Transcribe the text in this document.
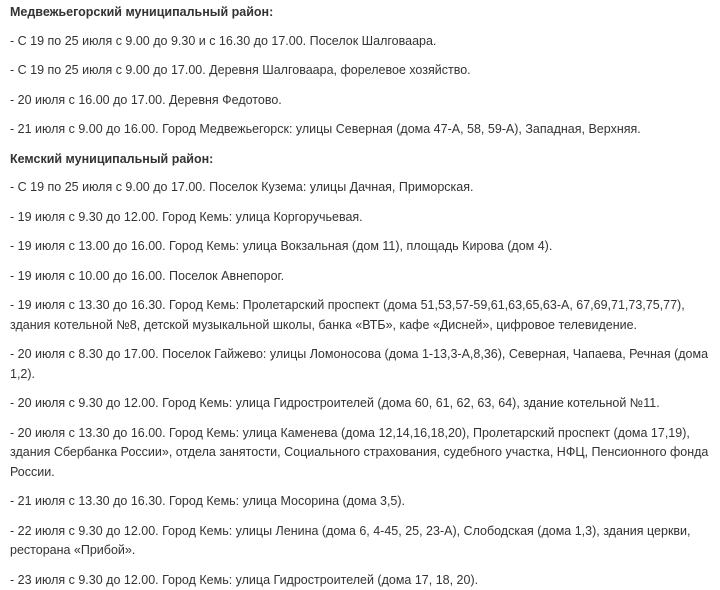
Медвежьегорский муниципальный район:
- С 19 по 25 июля с 9.00 до 9.30 и с 16.30 до 17.00. Поселок Шалговаара.
- С 19 по 25 июля с 9.00 до 17.00. Деревня Шалговаара, форелевое хозяйство.
- 20 июля с 16.00 до 17.00. Деревня Федотово.
- 21 июля с 9.00 до 16.00. Город Медвежьегорск: улицы Северная (дома 47-А, 58, 59-А), Западная, Верхняя.
Кемский муниципальный район:
- С 19 по 25 июля с 9.00 до 17.00. Поселок Кузема: улицы Дачная, Приморская.
- 19 июля с 9.30 до 12.00. Город Кемь: улица Коргоручьевая.
- 19 июля с 13.00 до 16.00. Город Кемь: улица Вокзальная (дом 11), площадь Кирова (дом 4).
- 19 июля с 10.00 до 16.00. Поселок Авнепорог.
- 19 июля с 13.30 до 16.30. Город Кемь: Пролетарский проспект (дома 51,53,57-59,61,63,65,63-А, 67,69,71,73,75,77), здания котельной №8, детской музыкальной школы, банка «ВТБ», кафе «Дисней», цифровое телевидение.
- 20 июля с 8.30 до 17.00. Поселок Гайжево: улицы Ломоносова (дома 1-13,3-А,8,36), Северная, Чапаева, Речная (дома 1,2).
- 20 июля с 9.30 до 12.00. Город Кемь: улица Гидростроителей (дома 60, 61, 62, 63, 64), здание котельной №11.
- 20 июля с 13.30 до 16.00. Город Кемь: улица Каменева (дома 12,14,16,18,20), Пролетарский проспект (дома 17,19), здания Сбербанка России», отдела занятости, Социального страхования, судебного участка, НФЦ, Пенсионного фонда России.
- 21 июля с 13.30 до 16.30. Город Кемь: улица Мосорина (дома 3,5).
- 22 июля с 9.30 до 12.00. Город Кемь: улицы Ленина (дома 6, 4-45, 25, 23-А), Слободская (дома 1,3), здания церкви, ресторана «Прибой».
- 23 июля с 9.30 до 12.00. Город Кемь: улица Гидростроителей (дома 17, 18, 20).
